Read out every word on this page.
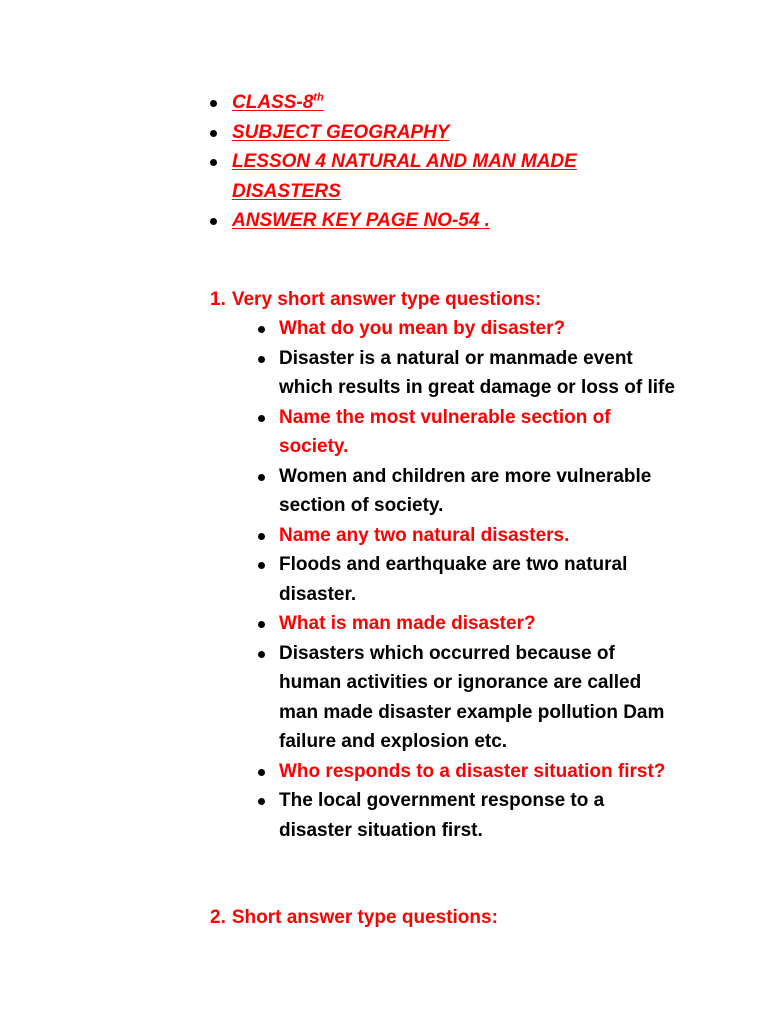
CLASS-8th
SUBJECT GEOGRAPHY
LESSON 4 NATURAL AND MAN MADE DISASTERS
ANSWER KEY PAGE NO-54 .
1. Very short answer type questions:
What do you mean by disaster?
Disaster is a natural or manmade event which results in great damage or loss of life
Name the most vulnerable section of society.
Women and children are more vulnerable section of society.
Name any two natural disasters.
Floods and earthquake are two natural disaster.
What is man made disaster?
Disasters which occurred because of human activities or ignorance are called man made disaster example pollution Dam failure and explosion etc.
Who responds to a disaster situation first?
The local government response to a disaster situation first.
2. Short answer type questions:
